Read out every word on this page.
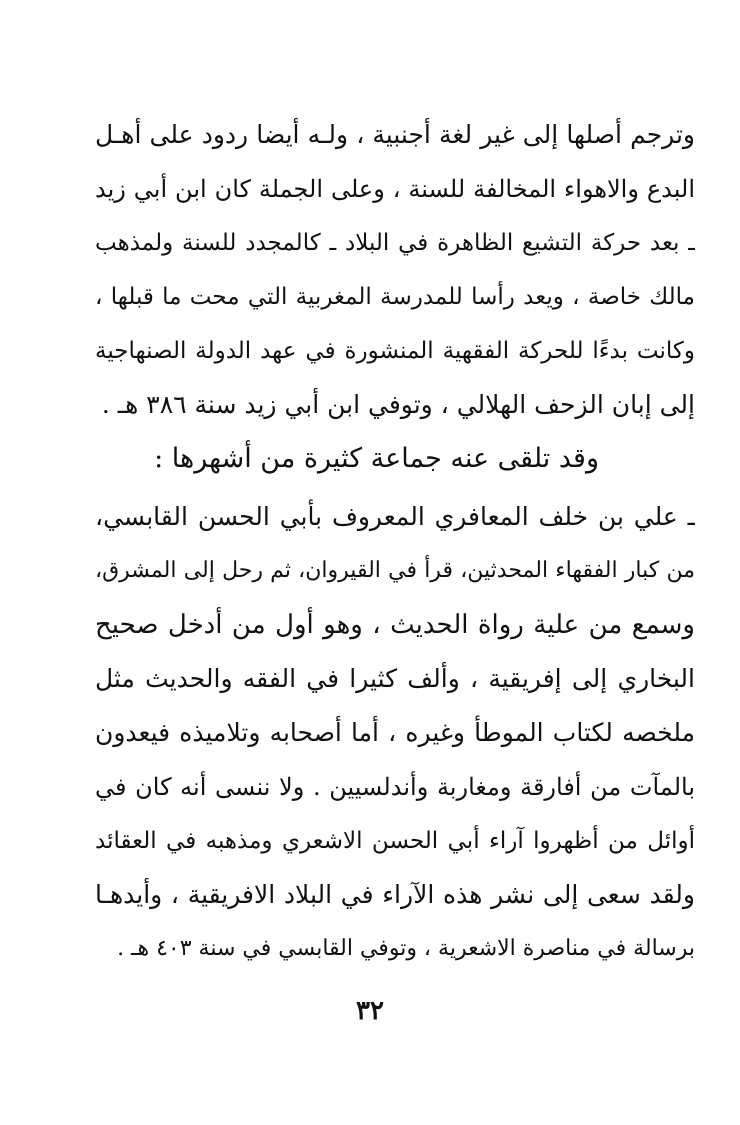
وترجم أصلها إلى غير لغة أجنبية ، ولـه أيضا ردود على أهـل
البدع والاهواء المخالفة للسنة ، وعلى الجملة كان ابن أبي زيد
ـ بعد حركة التشيع الظاهرة في البلاد ـ كالمجدد للسنة ولمذهب
مالك خاصة ، ويعد رأسا للمدرسة المغربية التي محت ما قبلها ،
وكانت بدءًا للحركة الفقهية المنشورة في عهد الدولة الصنهاجية
إلى إبان الزحف الهلالي ، وتوفي ابن أبي زيد سنة ٣٨٦ هـ .
وقد تلقى عنه جماعة كثيرة من أشهرها :
ـ علي بن خلف المعافري المعروف بأبي الحسن القابسي،
من كبار الفقهاء المحدثين، قرأ في القيروان، ثم رحل إلى المشرق،
وسمع من علية رواة الحديث ، وهو أول من أدخل صحيح
البخاري إلى إفريقية ، وألف كثيرا في الفقه والحديث مثل
ملخصه لكتاب الموطأ وغيره ، أما أصحابه وتلاميذه فيعدون
بالمآت من أفارقة ومغاربة وأندلسيين . ولا ننسى أنه كان في
أوائل من أظهروا آراء أبي الحسن الاشعري ومذهبه في العقائد
ولقد سعى إلى نشر هذه الآراء في البلاد الافريقية ، وأيدهـا
برسالة في مناصرة الاشعرية ، وتوفي القابسي في سنة ٤٠٣ هـ .
٣٢
